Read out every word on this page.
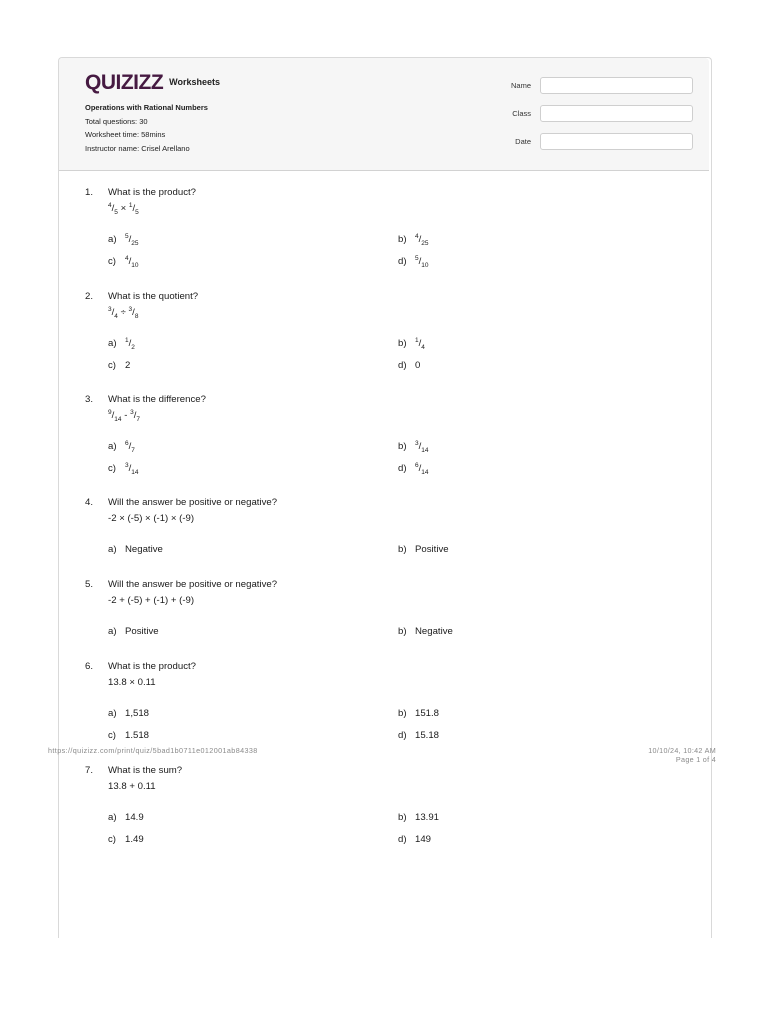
QUIZIZZ Worksheets
Operations with Rational Numbers
Total questions: 30
Worksheet time: 58mins
Instructor name: Crisel Arellano
Name
Class
Date
1.	What is the product?
$^4/_5 \times ^1/_5$
a) $^5/_{25}$	b) $^4/_{25}$
c) $^4/_{10}$	d) $^5/_{10}$
2.	What is the quotient?
$^3/_4 \div ^3/_8$
a) $^1/_2$	b) $^1/_4$
c) 2	d) 0
3.	What is the difference?
$^9/_{14} - ^3/_7$
a) $^6/_7$	b) $^3/_{14}$
c) $^3/_{14}$	d) $^6/_{14}$
4.	Will the answer be positive or negative?
-2 × (-5) × (-1) × (-9)
a) Negative	b) Positive
5.	Will the answer be positive or negative?
-2 + (-5) + (-1) + (-9)
a) Positive	b) Negative
6.	What is the product?
13.8 × 0.11
a) 1,518	b) 151.8
c) 1.518	d) 15.18
7.	What is the sum?
13.8 + 0.11
a) 14.9	b) 13.91
c) 1.49	d) 149
https://quizizz.com/print/quiz/5bad1b0711e012001ab84338	10/10/24, 10:42 AM
Page 1 of 4
